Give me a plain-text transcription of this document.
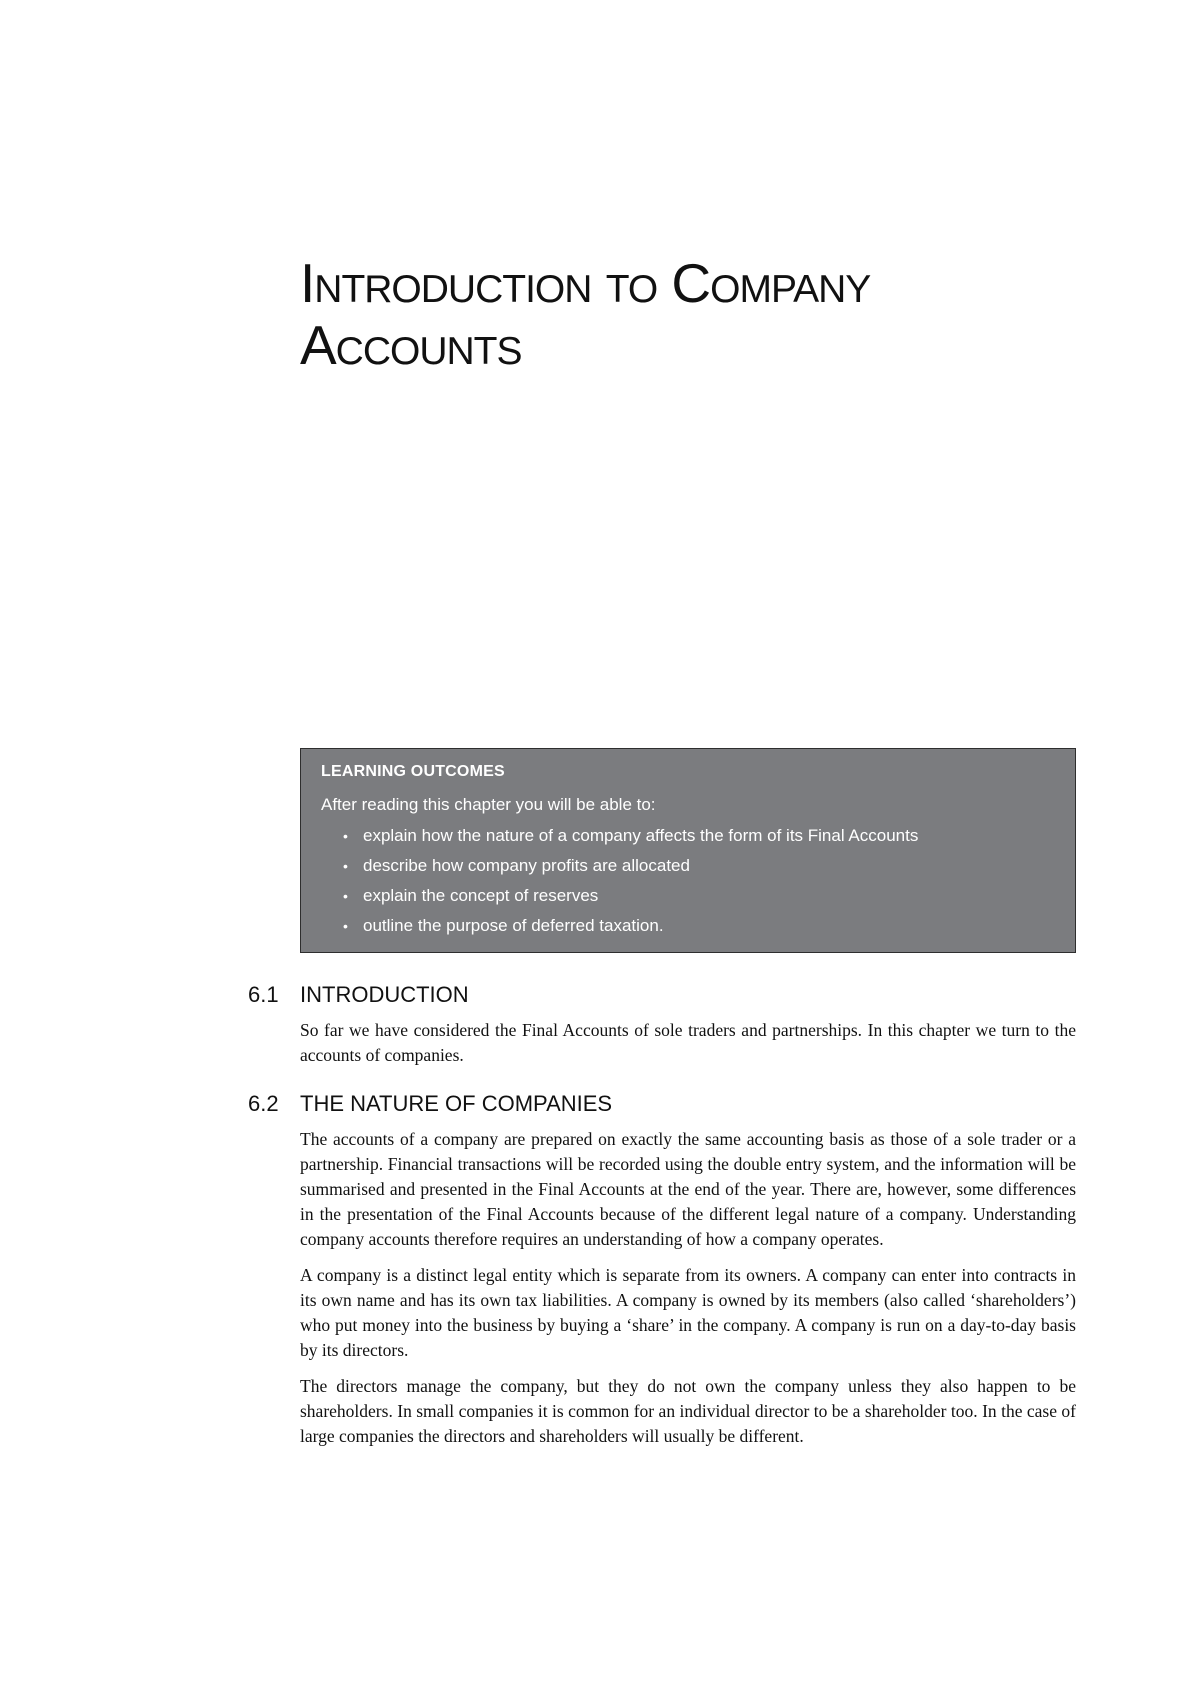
Introduction to Company
Accounts
LEARNING OUTCOMES

After reading this chapter you will be able to:

• explain how the nature of a company affects the form of its Final Accounts
• describe how company profits are allocated
• explain the concept of reserves
• outline the purpose of deferred taxation.
6.1 INTRODUCTION

So far we have considered the Final Accounts of sole traders and partnerships. In this chapter we turn to the accounts of companies.

6.2 THE NATURE OF COMPANIES

The accounts of a company are prepared on exactly the same accounting basis as those of a sole trader or a partnership. Financial transactions will be recorded using the double entry system, and the information will be summarised and presented in the Final Accounts at the end of the year. There are, however, some differences in the presentation of the Final Accounts because of the different legal nature of a company. Understanding company accounts therefore requires an understanding of how a company operates.

A company is a distinct legal entity which is separate from its owners. A company can enter into contracts in its own name and has its own tax liabilities. A company is owned by its members (also called ‘shareholders’) who put money into the business by buying a ‘share’ in the company. A company is run on a day-to-day basis by its directors.

The directors manage the company, but they do not own the company unless they also happen to be shareholders. In small companies it is common for an individual director to be a shareholder too. In the case of large companies the directors and shareholders will usually be different.
